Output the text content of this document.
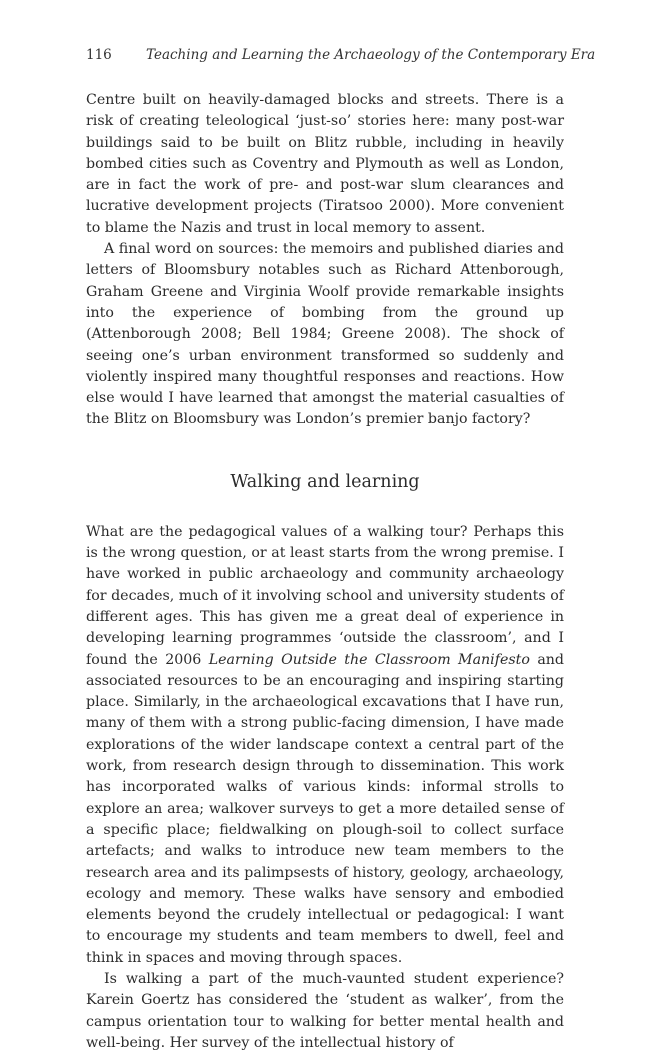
116	Teaching and Learning the Archaeology of the Contemporary Era

Centre built on heavily-damaged blocks and streets. There is a risk of creating teleological ‘just-so’ stories here: many post-war buildings said to be built on Blitz rubble, including in heavily bombed cities such as Coventry and Plymouth as well as London, are in fact the work of pre- and post-war slum clearances and lucrative development projects (Tiratsoo 2000). More convenient to blame the Nazis and trust in local memory to assent.

A final word on sources: the memoirs and published diaries and letters of Bloomsbury notables such as Richard Attenborough, Graham Greene and Virginia Woolf provide remarkable insights into the experience of bombing from the ground up (Attenborough 2008; Bell 1984; Greene 2008). The shock of seeing one’s urban environment transformed so suddenly and violently inspired many thoughtful responses and reactions. How else would I have learned that amongst the material casualties of the Blitz on Bloomsbury was London’s premier banjo factory?

Walking and learning

What are the pedagogical values of a walking tour? Perhaps this is the wrong question, or at least starts from the wrong premise. I have worked in public archaeology and community archaeology for decades, much of it involving school and university students of different ages. This has given me a great deal of experience in developing learning programmes ‘outside the classroom’, and I found the 2006 Learning Outside the Classroom Manifesto and associated resources to be an encouraging and inspiring starting place. Similarly, in the archaeological excavations that I have run, many of them with a strong public-facing dimension, I have made explorations of the wider landscape context a central part of the work, from research design through to dissemination. This work has incorporated walks of various kinds: informal strolls to explore an area; walkover surveys to get a more detailed sense of a specific place; fieldwalking on plough-soil to collect surface artefacts; and walks to introduce new team members to the research area and its palimpsests of history, geology, archaeology, ecology and memory. These walks have sensory and embodied elements beyond the crudely intellectual or pedagogical: I want to encourage my students and team members to dwell, feel and think in spaces and moving through spaces.

Is walking a part of the much-vaunted student experience? Karein Goertz has considered the ‘student as walker’, from the campus orientation tour to walking for better mental health and well-being. Her survey of the intellectual history of
